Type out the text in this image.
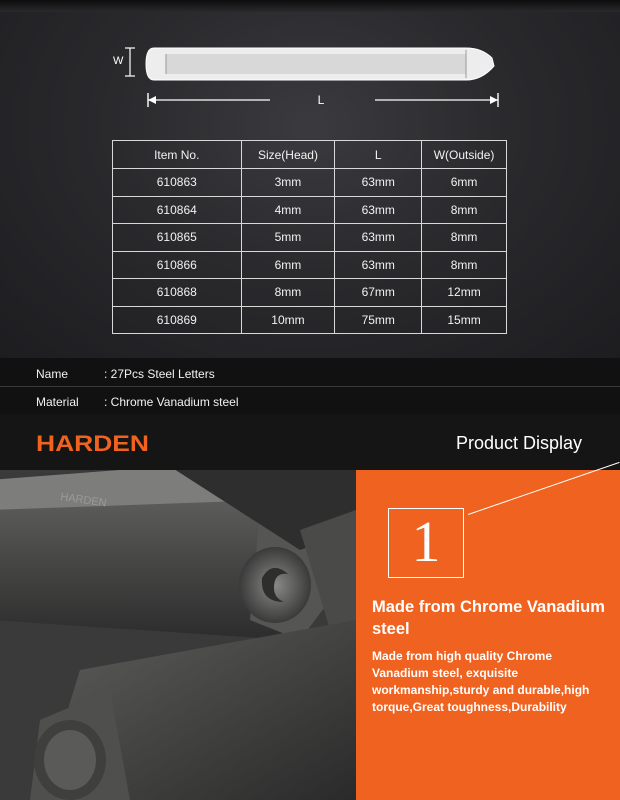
W
L
Item No.	Size(Head)	L	W(Outside)
610863	3mm	63mm	6mm
610864	4mm	63mm	8mm
610865	5mm	63mm	8mm
610866	6mm	63mm	8mm
610868	8mm	67mm	12mm
610869	10mm	75mm	15mm
Name	: 27Pcs Steel Letters
Material : Chrome Vanadium steel
HARDEN	Product Display
HARDEN
1
Made from Chrome Vanadium steel
Made from high quality Chrome Vanadium steel, exquisite workmanship,sturdy and durable,high torque,Great toughness,Durability
